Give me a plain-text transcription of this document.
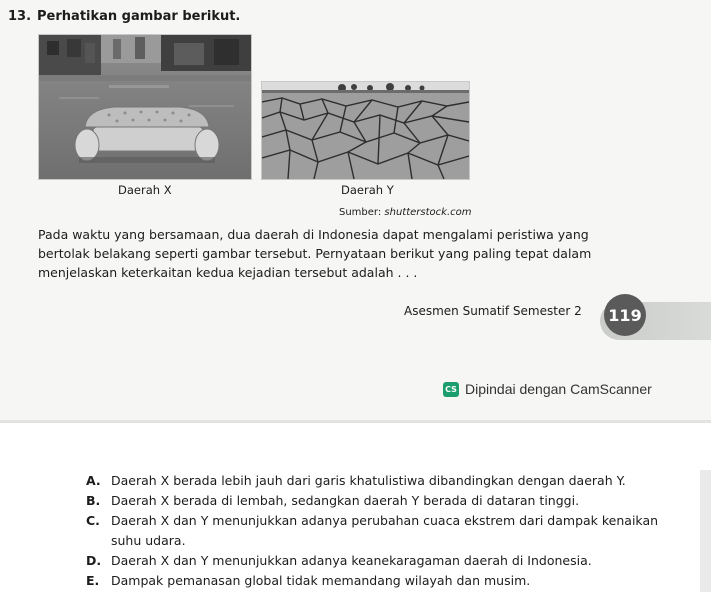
13. Perhatikan gambar berikut.
Daerah X	Daerah Y
Sumber: shutterstock.com
Pada waktu yang bersamaan, dua daerah di Indonesia dapat mengalami peristiwa yang
bertolak belakang seperti gambar tersebut. Pernyataan berikut yang paling tepat dalam
menjelaskan keterkaitan kedua kejadian tersebut adalah . . .
Asesmen Sumatif Semester 2 119
CS Dipindai dengan CamScanner
A. Daerah X berada lebih jauh dari garis khatulistiwa dibandingkan dengan daerah Y.
B. Daerah X berada di lembah, sedangkan daerah Y berada di dataran tinggi.
C. Daerah X dan Y menunjukkan adanya perubahan cuaca ekstrem dari dampak kenaikan
suhu udara.
D. Daerah X dan Y menunjukkan adanya keanekaragaman daerah di Indonesia.
E. Dampak pemanasan global tidak memandang wilayah dan musim.
